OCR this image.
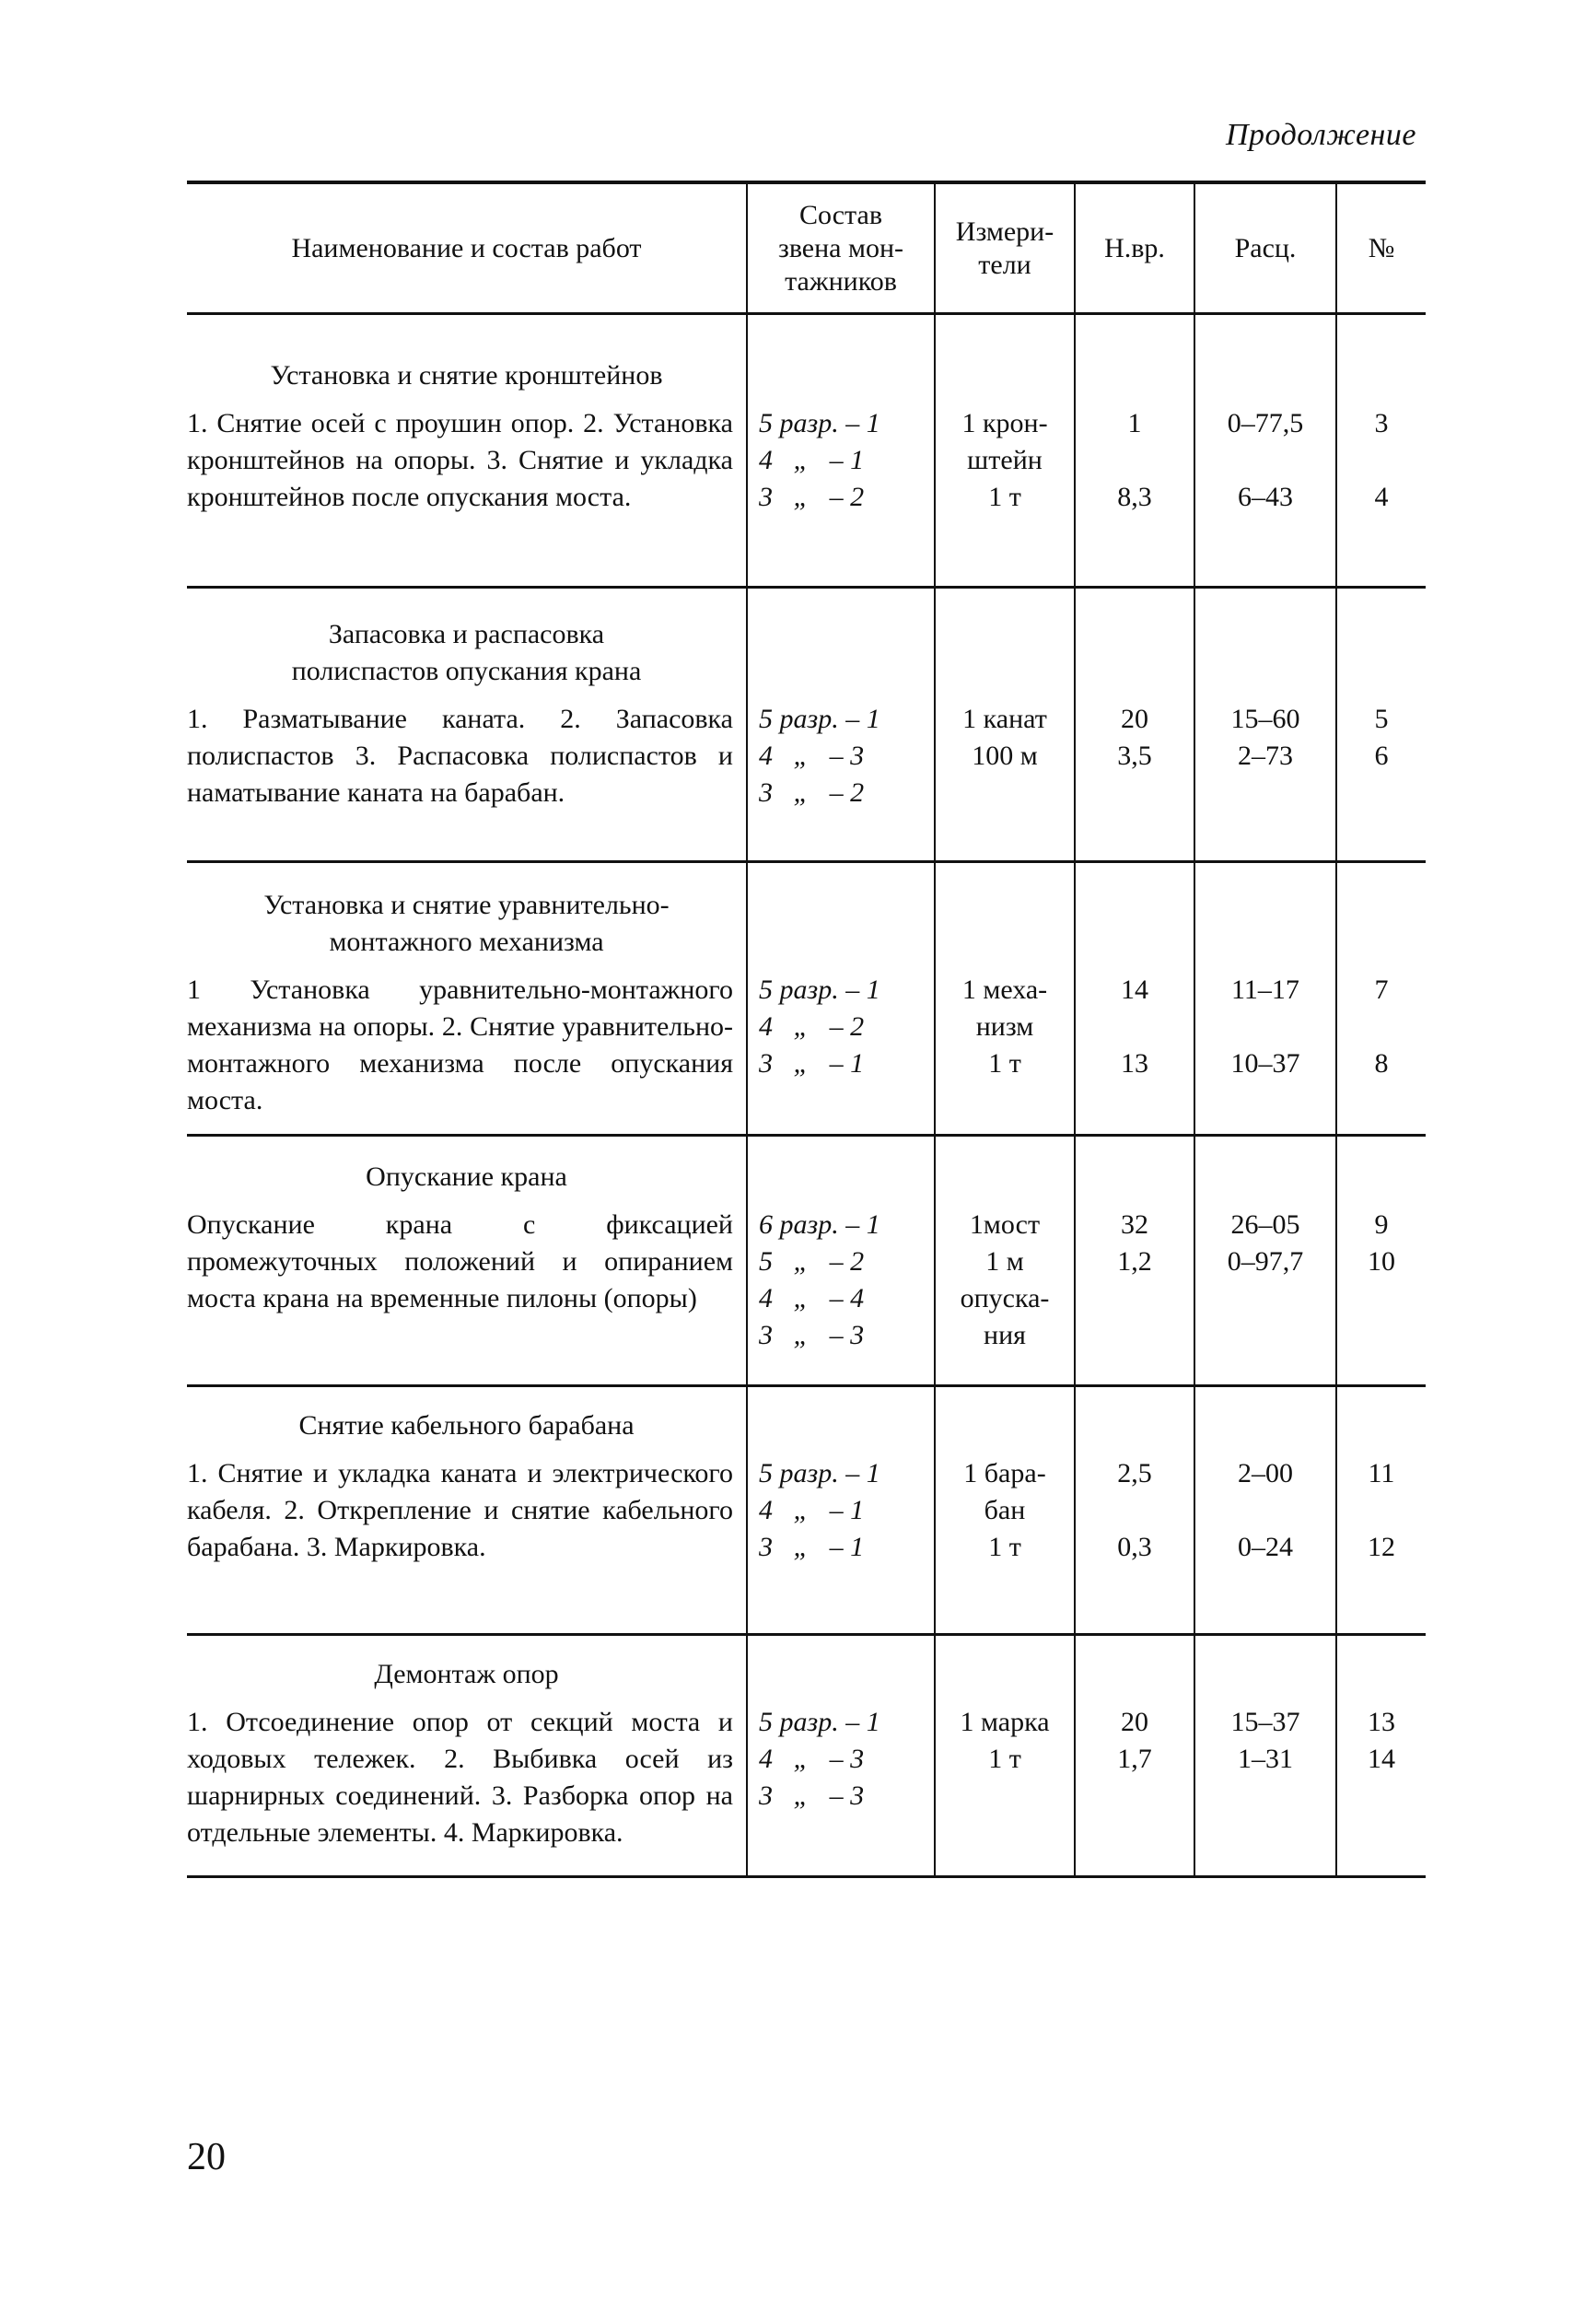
Продолжение
Наименование и состав работ
Состав
звена мон-
тажников
Измери-
тели
Н.вр.	Расц.	№
Установка и снятие кронштейнов
1. Снятие осей с проушин опор. 2. Установка кронштейнов на опоры. 3. Снятие и укладка кронштейнов после опускания моста.
5 разр. – 1
4   „   – 1
3   „   – 2
1 крон-
штейн
1 т
1
8,3
0–77,5
6–43
3
4
Запасовка и распасовка
полиспастов опускания крана
1. Разматывание каната. 2. Запасовка полиспастов 3. Распасовка полиспастов и наматывание каната на барабан.
5 разр. – 1
4   „   – 3
3   „   – 2
1 канат
100 м
20
3,5
15–60
2–73
5
6
Установка и снятие уравнительно-
монтажного механизма
1 Установка уравнительно-монтажного механизма на опоры. 2. Снятие уравнительно-монтажного механизма после опускания моста.
5 разр. – 1
4   „   – 2
3   „   – 1
1 меха-
низм
1 т
14
13
11–17
10–37
7
8
Опускание крана
Опускание крана с фиксацией промежуточных положений и опиранием моста крана на временные пилоны (опоры)
6 разр. – 1
5   „   – 2
4   „   – 4
3   „   – 3
1мост
1 м
опуска-
ния
32
1,2
26–05
0–97,7
9
10
Снятие кабельного барабана
1. Снятие и укладка каната и электрического кабеля. 2. Открепление и снятие кабельного барабана. 3. Маркировка.
5 разр. – 1
4   „   – 1
3   „   – 1
1 бара-
бан
1 т
2,5
0,3
2–00
0–24
11
12
Демонтаж опор
1. Отсоединение опор от секций моста и ходовых тележек. 2. Выбивка осей из шарнирных соединений. 3. Разборка опор на отдельные элементы. 4. Маркировка.
5 разр. – 1
4   „   – 3
3   „   – 3
1 марка
1 т
20
1,7
15–37
1–31
13
14
20
